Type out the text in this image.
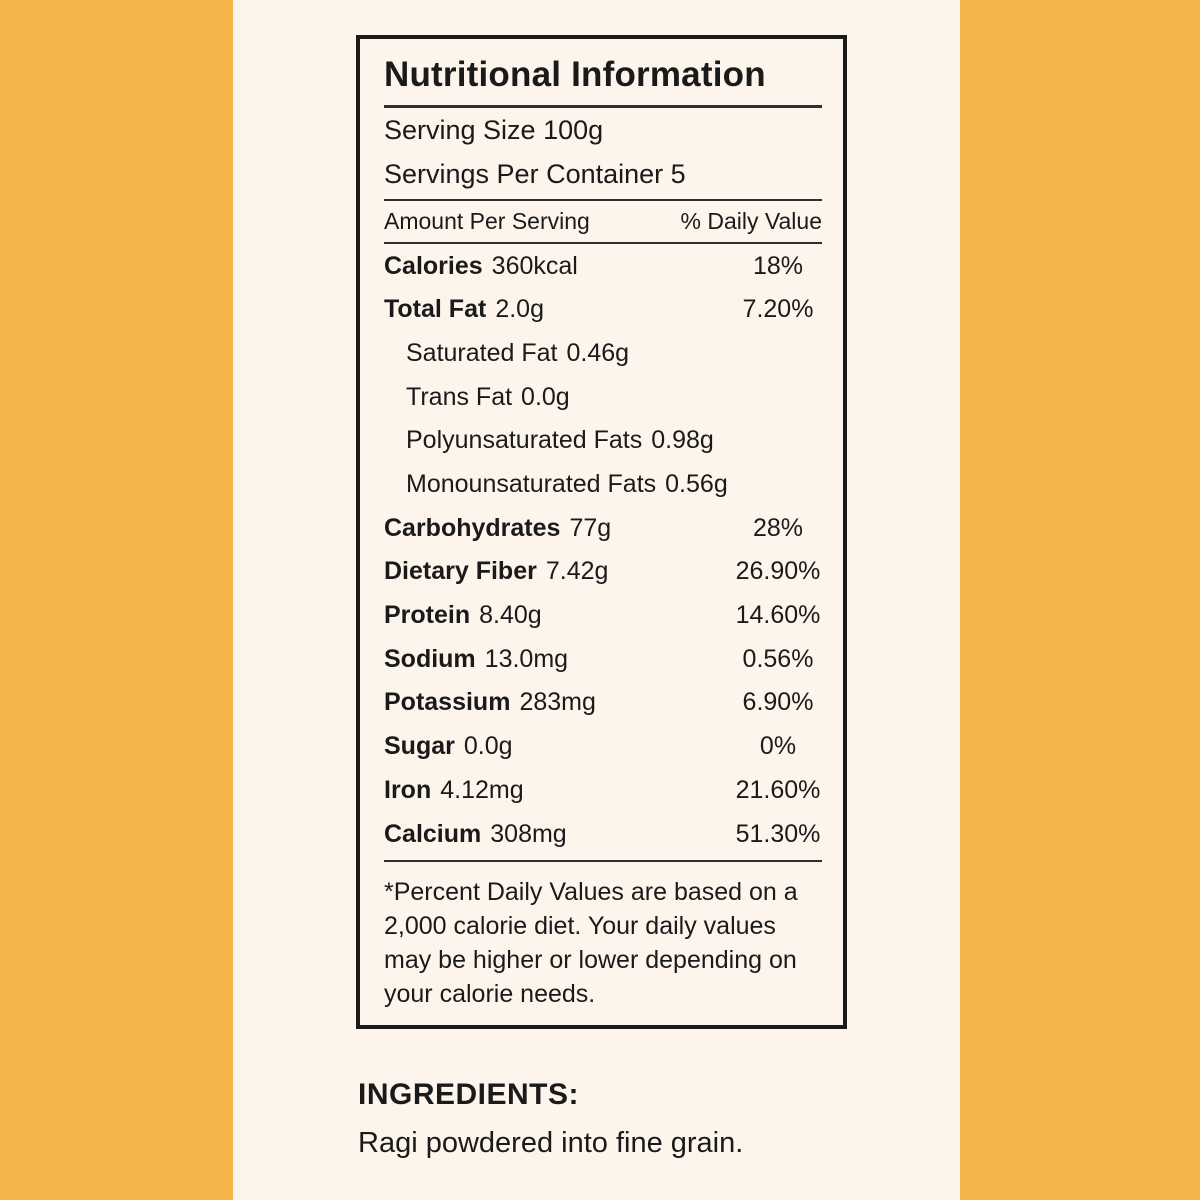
Nutritional Information
Serving Size 100g
Servings Per Container 5
Amount Per Serving	% Daily Value
Calories 360kcal	18%
Total Fat 2.0g	7.20%
Saturated Fat 0.46g
Trans Fat 0.0g
Polyunsaturated Fats 0.98g
Monounsaturated Fats 0.56g
Carbohydrates 77g	28%
Dietary Fiber 7.42g	26.90%
Protein 8.40g	14.60%
Sodium 13.0mg	0.56%
Potassium 283mg	6.90%
Sugar 0.0g	0%
Iron 4.12mg	21.60%
Calcium 308mg	51.30%

*Percent Daily Values are based on a 2,000 calorie diet. Your daily values may be higher or lower depending on your calorie needs.

INGREDIENTS:
Ragi powdered into fine grain.
